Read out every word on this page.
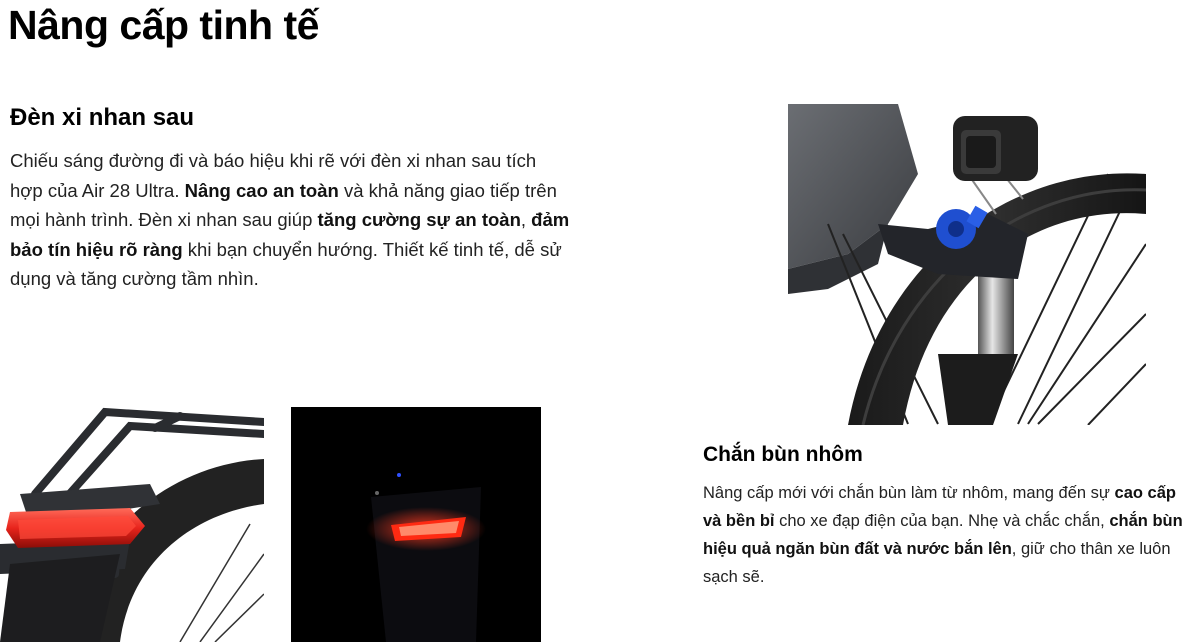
Nâng cấp tinh tế
Đèn xi nhan sau

Chiếu sáng đường đi và báo hiệu khi rẽ với đèn xi nhan sau tích hợp của Air 28 Ultra. Nâng cao an toàn và khả năng giao tiếp trên mọi hành trình. Đèn xi nhan sau giúp tăng cường sự an toàn, đảm bảo tín hiệu rõ ràng khi bạn chuyển hướng. Thiết kế tinh tế, dễ sử dụng và tăng cường tầm nhìn.

Chắn bùn nhôm

Nâng cấp mới với chắn bùn làm từ nhôm, mang đến sự cao cấp và bền bỉ cho xe đạp điện của bạn. Nhẹ và chắc chắn, chắn bùn hiệu quả ngăn bùn đất và nước bắn lên, giữ cho thân xe luôn sạch sẽ.
